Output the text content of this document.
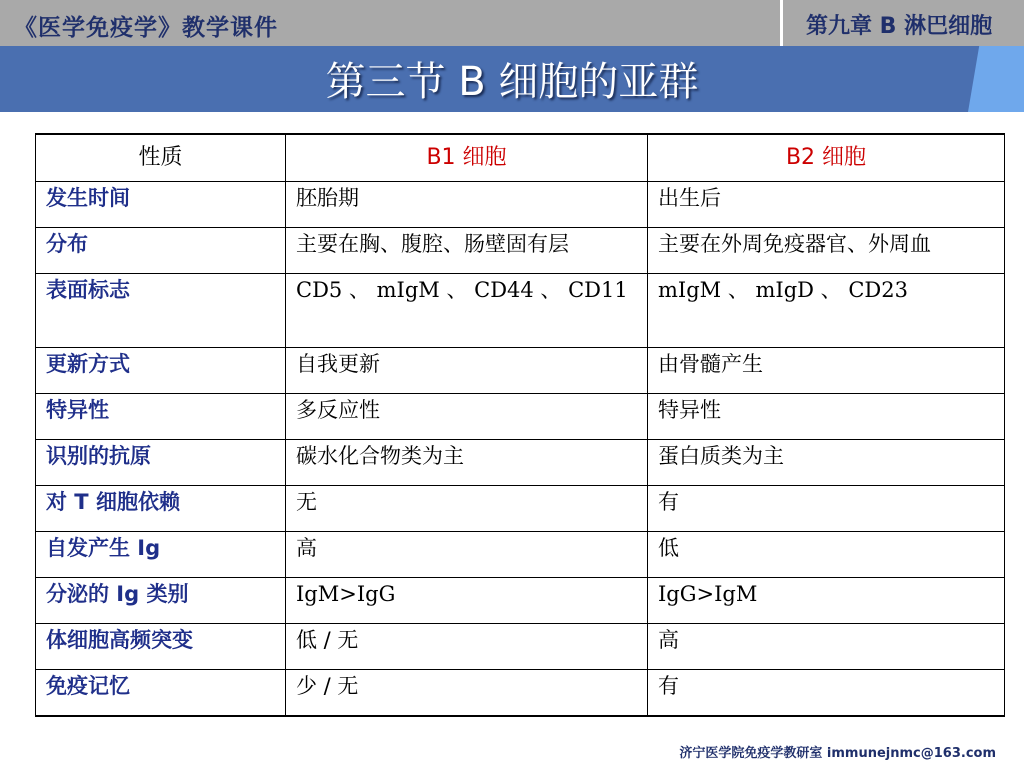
《医学免疫学》教学课件	第九章 B 淋巴细胞
第三节 B 细胞的亚群
性质	B1 细胞	B2 细胞
发生时间	胚胎期	出生后
分布	主要在胸、腹腔、肠壁固有层	主要在外周免疫器官、外周血
表面标志	CD5 、 mIgM 、 CD44 、 CD11	mIgM 、 mIgD 、 CD23
更新方式	自我更新	由骨髓产生
特异性	多反应性	特异性
识别的抗原	碳水化合物类为主	蛋白质类为主
对 T 细胞依赖	无	有
自发产生 Ig	高	低
分泌的 Ig 类别	IgM>IgG	IgG>IgM
体细胞高频突变	低 / 无	高
免疫记忆	少 / 无	有
济宁医学院免疫学教研室 immunejnmc@163.com
